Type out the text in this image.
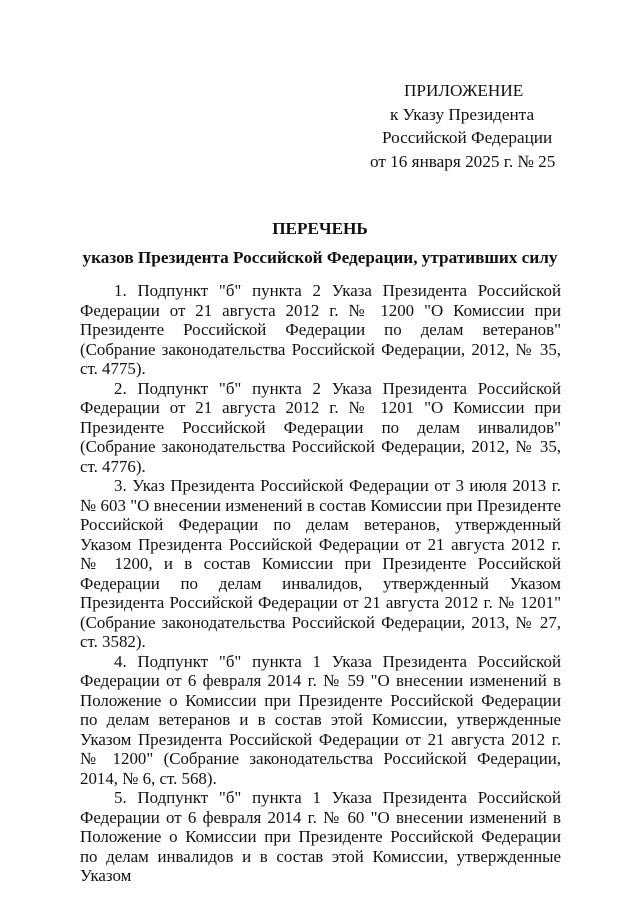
ПРИЛОЖЕНИЕ
к Указу Президента
Российской Федерации
от 16 января 2025 г. № 25
ПЕРЕЧЕНЬ
указов Президента Российской Федерации, утративших силу

1. Подпункт "б" пункта 2 Указа Президента Российской Федерации от 21 августа 2012 г. № 1200 "О Комиссии при Президенте Российской Федерации по делам ветеранов" (Собрание законодательства Российской Федерации, 2012, № 35, ст. 4775).

2. Подпункт "б" пункта 2 Указа Президента Российской Федерации от 21 августа 2012 г. № 1201 "О Комиссии при Президенте Российской Федерации по делам инвалидов" (Собрание законодательства Российской Федерации, 2012, № 35, ст. 4776).

3. Указ Президента Российской Федерации от 3 июля 2013 г. № 603 "О внесении изменений в состав Комиссии при Президенте Российской Федерации по делам ветеранов, утвержденный Указом Президента Российской Федерации от 21 августа 2012 г. № 1200, и в состав Комиссии при Президенте Российской Федерации по делам инвалидов, утвержденный Указом Президента Российской Федерации от 21 августа 2012 г. № 1201" (Собрание законодательства Российской Федерации, 2013, № 27, ст. 3582).

4. Подпункт "б" пункта 1 Указа Президента Российской Федерации от 6 февраля 2014 г. № 59 "О внесении изменений в Положение о Комиссии при Президенте Российской Федерации по делам ветеранов и в состав этой Комиссии, утвержденные Указом Президента Российской Федерации от 21 августа 2012 г. № 1200" (Собрание законодательства Российской Федерации, 2014, № 6, ст. 568).

5. Подпункт "б" пункта 1 Указа Президента Российской Федерации от 6 февраля 2014 г. № 60 "О внесении изменений в Положение о Комиссии при Президенте Российской Федерации по делам инвалидов и в состав этой Комиссии, утвержденные Указом
